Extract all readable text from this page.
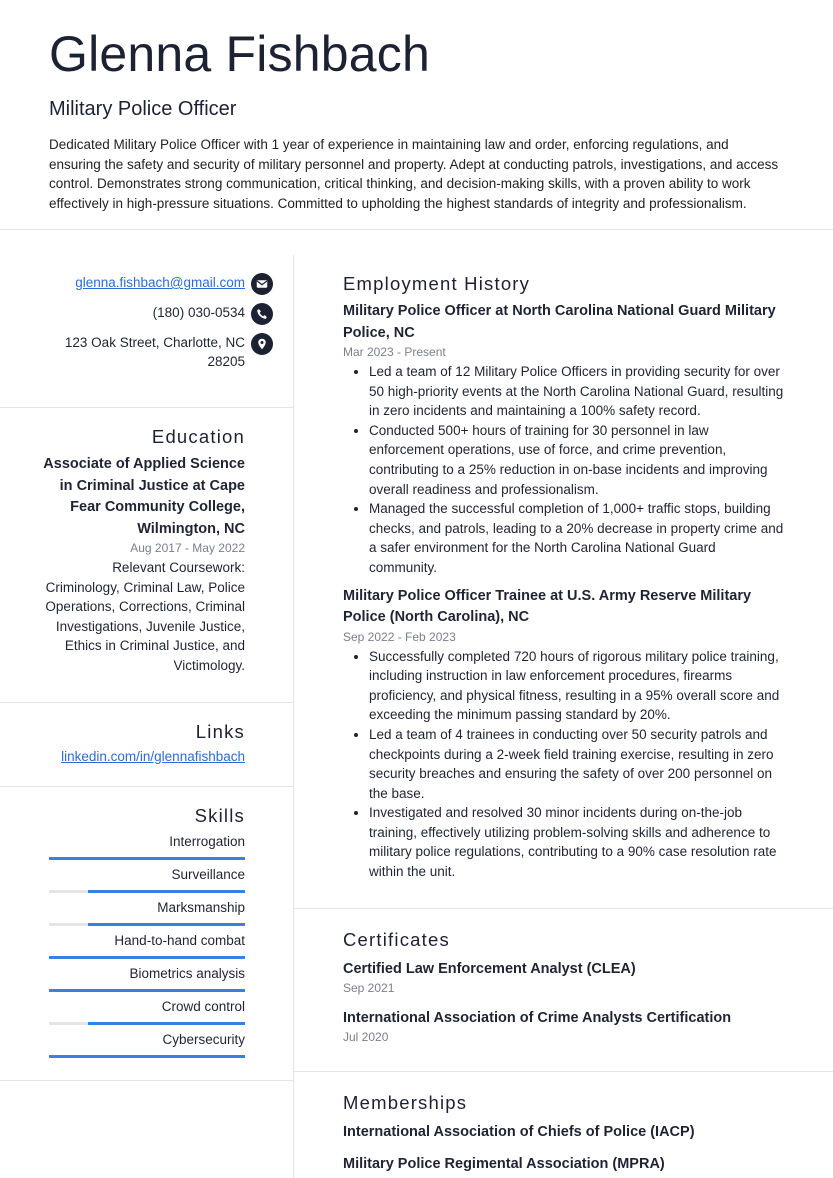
Glenna Fishbach
Military Police Officer
Dedicated Military Police Officer with 1 year of experience in maintaining law and order, enforcing regulations, and ensuring the safety and security of military personnel and property. Adept at conducting patrols, investigations, and access control. Demonstrates strong communication, critical thinking, and decision-making skills, with a proven ability to work effectively in high-pressure situations. Committed to upholding the highest standards of integrity and professionalism.
glenna.fishbach@gmail.com
(180) 030-0534
123 Oak Street, Charlotte, NC 28205
Education
Associate of Applied Science in Criminal Justice at Cape Fear Community College, Wilmington, NC
Aug 2017 - May 2022
Relevant Coursework: Criminology, Criminal Law, Police Operations, Corrections, Criminal Investigations, Juvenile Justice, Ethics in Criminal Justice, and Victimology.
Links
linkedin.com/in/glennafishbach
Skills
Interrogation
Surveillance
Marksmanship
Hand-to-hand combat
Biometrics analysis
Crowd control
Cybersecurity
Employment History
Military Police Officer at North Carolina National Guard Military Police, NC
Mar 2023 - Present
• Led a team of 12 Military Police Officers in providing security for over 50 high-priority events at the North Carolina National Guard, resulting in zero incidents and maintaining a 100% safety record.
• Conducted 500+ hours of training for 30 personnel in law enforcement operations, use of force, and crime prevention, contributing to a 25% reduction in on-base incidents and improving overall readiness and professionalism.
• Managed the successful completion of 1,000+ traffic stops, building checks, and patrols, leading to a 20% decrease in property crime and a safer environment for the North Carolina National Guard community.
Military Police Officer Trainee at U.S. Army Reserve Military Police (North Carolina), NC
Sep 2022 - Feb 2023
• Successfully completed 720 hours of rigorous military police training, including instruction in law enforcement procedures, firearms proficiency, and physical fitness, resulting in a 95% overall score and exceeding the minimum passing standard by 20%.
• Led a team of 4 trainees in conducting over 50 security patrols and checkpoints during a 2-week field training exercise, resulting in zero security breaches and ensuring the safety of over 200 personnel on the base.
• Investigated and resolved 30 minor incidents during on-the-job training, effectively utilizing problem-solving skills and adherence to military police regulations, contributing to a 90% case resolution rate within the unit.
Certificates
Certified Law Enforcement Analyst (CLEA)
Sep 2021
International Association of Crime Analysts Certification
Jul 2020
Memberships
International Association of Chiefs of Police (IACP)
Military Police Regimental Association (MPRA)
